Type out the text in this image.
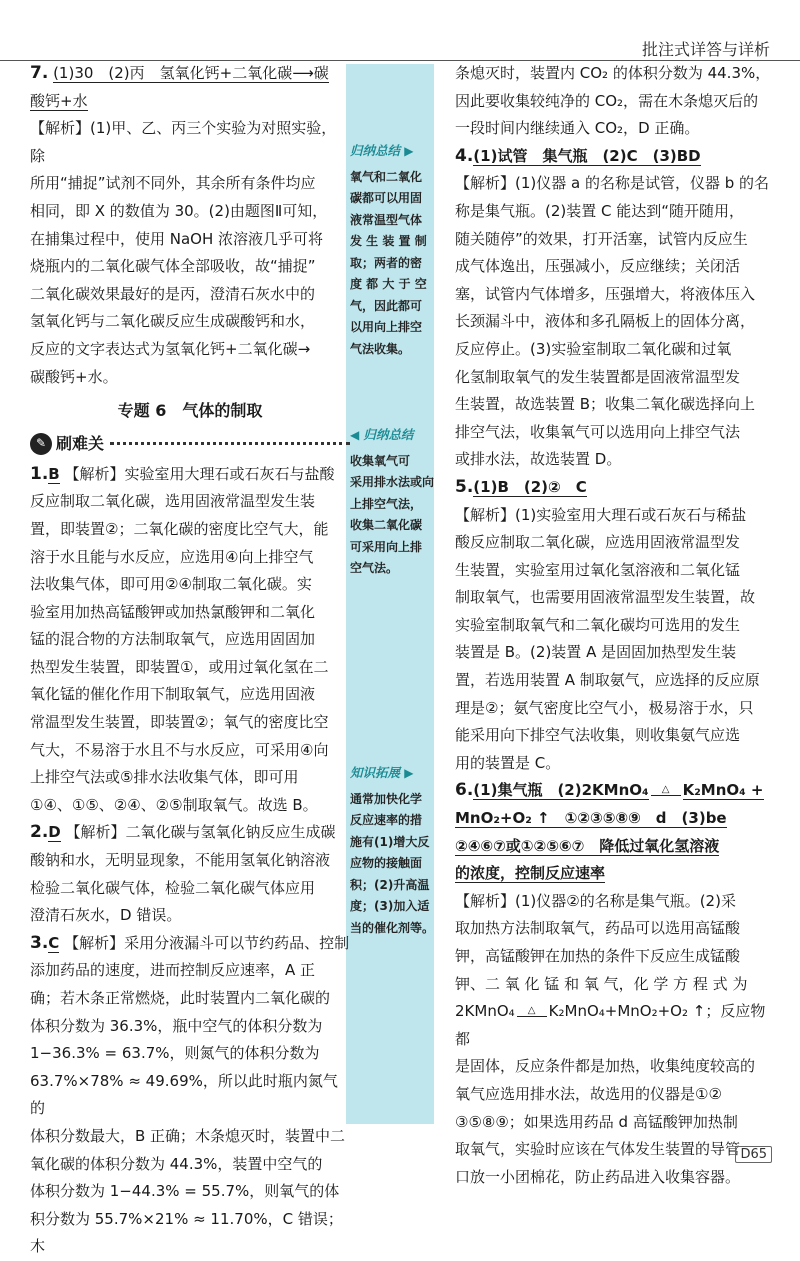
批注式详答与详析
归纳总结 ▶
氧气和二氧化
碳都可以用固
液常温型气体
发 生 装 置 制
取；两者的密
度 都 大 于 空
气，因此都可
以用向上排空
气法收集。
◀ 归纳总结
收集氧气可
采用排水法或向
上排空气法，
收集二氧化碳
可采用向上排
空气法。
知识拓展 ▶
通常加快化学
反应速率的措
施有(1)增大反
应物的接触面
积；(2)升高温
度；(3)加入适
当的催化剂等。

7. (1)30　(2)丙　氢氧化钙+二氧化碳⟶碳

酸钙+水

【解析】(1)甲、乙、丙三个实验为对照实验，除

所用“捕捉”试剂不同外，其余所有条件均应

相同，即 X 的数值为 30。(2)由题图Ⅱ可知，

在捕集过程中，使用 NaOH 浓溶液几乎可将

烧瓶内的二氧化碳气体全部吸收，故“捕捉”

二氧化碳效果最好的是丙，澄清石灰水中的

氢氧化钙与二氧化碳反应生成碳酸钙和水，

反应的文字表达式为氢氧化钙+二氧化碳→

碳酸钙+水。

专题 6　气体的制取

✎ 刷难关

1.B 【解析】实验室用大理石或石灰石与盐酸

反应制取二氧化碳，选用固液常温型发生装

置，即装置②；二氧化碳的密度比空气大，能

溶于水且能与水反应，应选用④向上排空气

法收集气体，即可用②④制取二氧化碳。实

验室用加热高锰酸钾或加热氯酸钾和二氧化

锰的混合物的方法制取氧气，应选用固固加

热型发生装置，即装置①，或用过氧化氢在二

氧化锰的催化作用下制取氧气，应选用固液

常温型发生装置，即装置②；氧气的密度比空

气大，不易溶于水且不与水反应，可采用④向

上排空气法或⑤排水法收集气体，即可用

①④、①⑤、②④、②⑤制取氧气。故选 B。

2.D 【解析】二氧化碳与氢氧化钠反应生成碳

酸钠和水，无明显现象，不能用氢氧化钠溶液

检验二氧化碳气体，检验二氧化碳气体应用

澄清石灰水，D 错误。

3.C 【解析】采用分液漏斗可以节约药品、控制

添加药品的速度，进而控制反应速率，A 正

确；若木条正常燃烧，此时装置内二氧化碳的

体积分数为 36.3%，瓶中空气的体积分数为

1−36.3% = 63.7%，则氮气的体积分数为

63.7%×78% ≈ 49.69%，所以此时瓶内氮气的

体积分数最大，B 正确；木条熄灭时，装置中二

氧化碳的体积分数为 44.3%，装置中空气的

体积分数为 1−44.3% = 55.7%，则氧气的体

积分数为 55.7%×21% ≈ 11.70%，C 错误；木

条熄灭时，装置内 CO₂ 的体积分数为 44.3%，

因此要收集较纯净的 CO₂，需在木条熄灭后的

一段时间内继续通入 CO₂，D 正确。

4.(1)试管　集气瓶　(2)C　(3)BD

【解析】(1)仪器 a 的名称是试管，仪器 b 的名

称是集气瓶。(2)装置 C 能达到“随开随用，

随关随停”的效果，打开活塞，试管内反应生

成气体逸出，压强减小，反应继续；关闭活

塞，试管内气体增多，压强增大，将液体压入

长颈漏斗中，液体和多孔隔板上的固体分离，

反应停止。(3)实验室制取二氧化碳和过氧

化氢制取氧气的发生装置都是固液常温型发

生装置，故选装置 B；收集二氧化碳选择向上

排空气法，收集氧气可以选用向上排空气法

或排水法，故选装置 D。

5.(1)B　(2)②　C

【解析】(1)实验室用大理石或石灰石与稀盐

酸反应制取二氧化碳，应选用固液常温型发

生装置，实验室用过氧化氢溶液和二氧化锰

制取氧气，也需要用固液常温型发生装置，故

实验室制取氧气和二氧化碳均可选用的发生

装置是 B。(2)装置 A 是固固加热型发生装

置，若选用装置 A 制取氨气，应选择的反应原

理是②；氨气密度比空气小，极易溶于水，只

能采用向下排空气法收集，则收集氨气应选

用的装置是 C。

6.(1)集气瓶　(2)2KMnO₄ △ K₂MnO₄ +

MnO₂+O₂ ↑　①②③⑤⑧⑨　d　(3)be

②④⑥⑦或①②⑤⑥⑦　降低过氧化氢溶液

的浓度，控制反应速率

【解析】(1)仪器②的名称是集气瓶。(2)采

取加热方法制取氧气，药品可以选用高锰酸

钾，高锰酸钾在加热的条件下反应生成锰酸

钾、二 氧 化 锰 和 氧 气，化 学 方 程 式 为

2KMnO₄ △ K₂MnO₄+MnO₂+O₂ ↑；反应物都

是固体，反应条件都是加热，收集纯度较高的

氧气应选用排水法，故选用的仪器是①②

③⑤⑧⑨；如果选用药品 d 高锰酸钾加热制

取氧气，实验时应该在气体发生装置的导管

口放一小团棉花，防止药品进入收集容器。

D65
